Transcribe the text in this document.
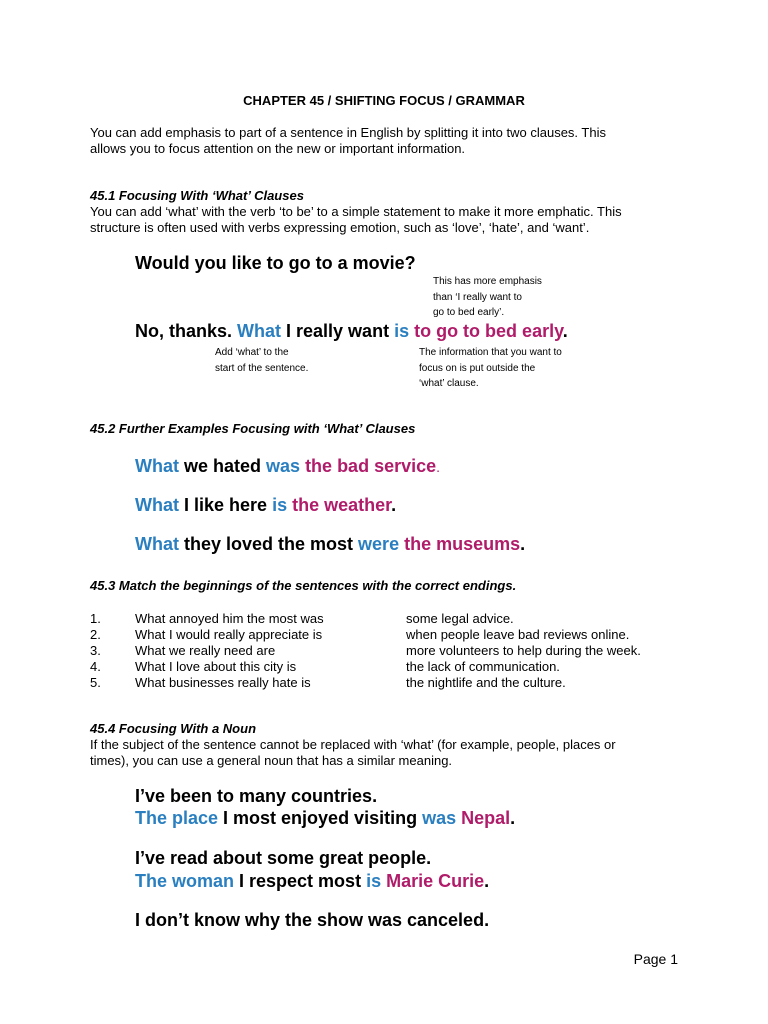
CHAPTER 45 / SHIFTING FOCUS / GRAMMAR
You can add emphasis to part of a sentence in English by splitting it into two clauses. This
allows you to focus attention on the new or important information.
45.1 Focusing With ‘What’ Clauses
You can add ‘what’ with the verb ‘to be’ to a simple statement to make it more emphatic. This
structure is often used with verbs expressing emotion, such as ‘love’, ‘hate’, and ‘want’.
Would you like to go to a movie?
This has more emphasis
than ‘I really want to
go to bed early’.
No, thanks. What I really want is to go to bed early.
Add ‘what’ to the
start of the sentence.
The information that you want to
focus on is put outside the
‘what’ clause.
45.2 Further Examples Focusing with ‘What’ Clauses
What we hated was the bad service.
What I like here is the weather.
What they loved the most were the museums.
45.3 Match the beginnings of the sentences with the correct endings.
1.	What annoyed him the most was	some legal advice.
2.	What I would really appreciate is	when people leave bad reviews online.
3.	What we really need are	more volunteers to help during the week.
4.	What I love about this city is	the lack of communication.
5.	What businesses really hate is	the nightlife and the culture.
45.4 Focusing With a Noun
If the subject of the sentence cannot be replaced with ‘what’ (for example, people, places or
times), you can use a general noun that has a similar meaning.
I’ve been to many countries.
The place I most enjoyed visiting was Nepal.
I’ve read about some great people.
The woman I respect most is Marie Curie.
I don’t know why the show was canceled.
Page 1
